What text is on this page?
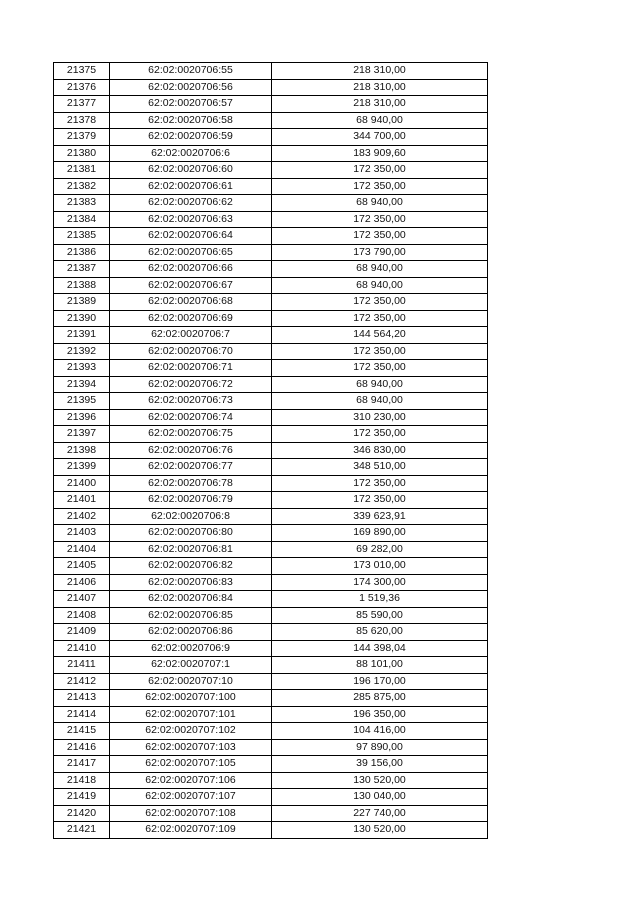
21375	62:02:0020706:55	218 310,00
21376	62:02:0020706:56	218 310,00
21377	62:02:0020706:57	218 310,00
21378	62:02:0020706:58	68 940,00
21379	62:02:0020706:59	344 700,00
21380	62:02:0020706:6	183 909,60
21381	62:02:0020706:60	172 350,00
21382	62:02:0020706:61	172 350,00
21383	62:02:0020706:62	68 940,00
21384	62:02:0020706:63	172 350,00
21385	62:02:0020706:64	172 350,00
21386	62:02:0020706:65	173 790,00
21387	62:02:0020706:66	68 940,00
21388	62:02:0020706:67	68 940,00
21389	62:02:0020706:68	172 350,00
21390	62:02:0020706:69	172 350,00
21391	62:02:0020706:7	144 564,20
21392	62:02:0020706:70	172 350,00
21393	62:02:0020706:71	172 350,00
21394	62:02:0020706:72	68 940,00
21395	62:02:0020706:73	68 940,00
21396	62:02:0020706:74	310 230,00
21397	62:02:0020706:75	172 350,00
21398	62:02:0020706:76	346 830,00
21399	62:02:0020706:77	348 510,00
21400	62:02:0020706:78	172 350,00
21401	62:02:0020706:79	172 350,00
21402	62:02:0020706:8	339 623,91
21403	62:02:0020706:80	169 890,00
21404	62:02:0020706:81	69 282,00
21405	62:02:0020706:82	173 010,00
21406	62:02:0020706:83	174 300,00
21407	62:02:0020706:84	1 519,36
21408	62:02:0020706:85	85 590,00
21409	62:02:0020706:86	85 620,00
21410	62:02:0020706:9	144 398,04
21411	62:02:0020707:1	88 101,00
21412	62:02:0020707:10	196 170,00
21413	62:02:0020707:100	285 875,00
21414	62:02:0020707:101	196 350,00
21415	62:02:0020707:102	104 416,00
21416	62:02:0020707:103	97 890,00
21417	62:02:0020707:105	39 156,00
21418	62:02:0020707:106	130 520,00
21419	62:02:0020707:107	130 040,00
21420	62:02:0020707:108	227 740,00
21421	62:02:0020707:109	130 520,00
